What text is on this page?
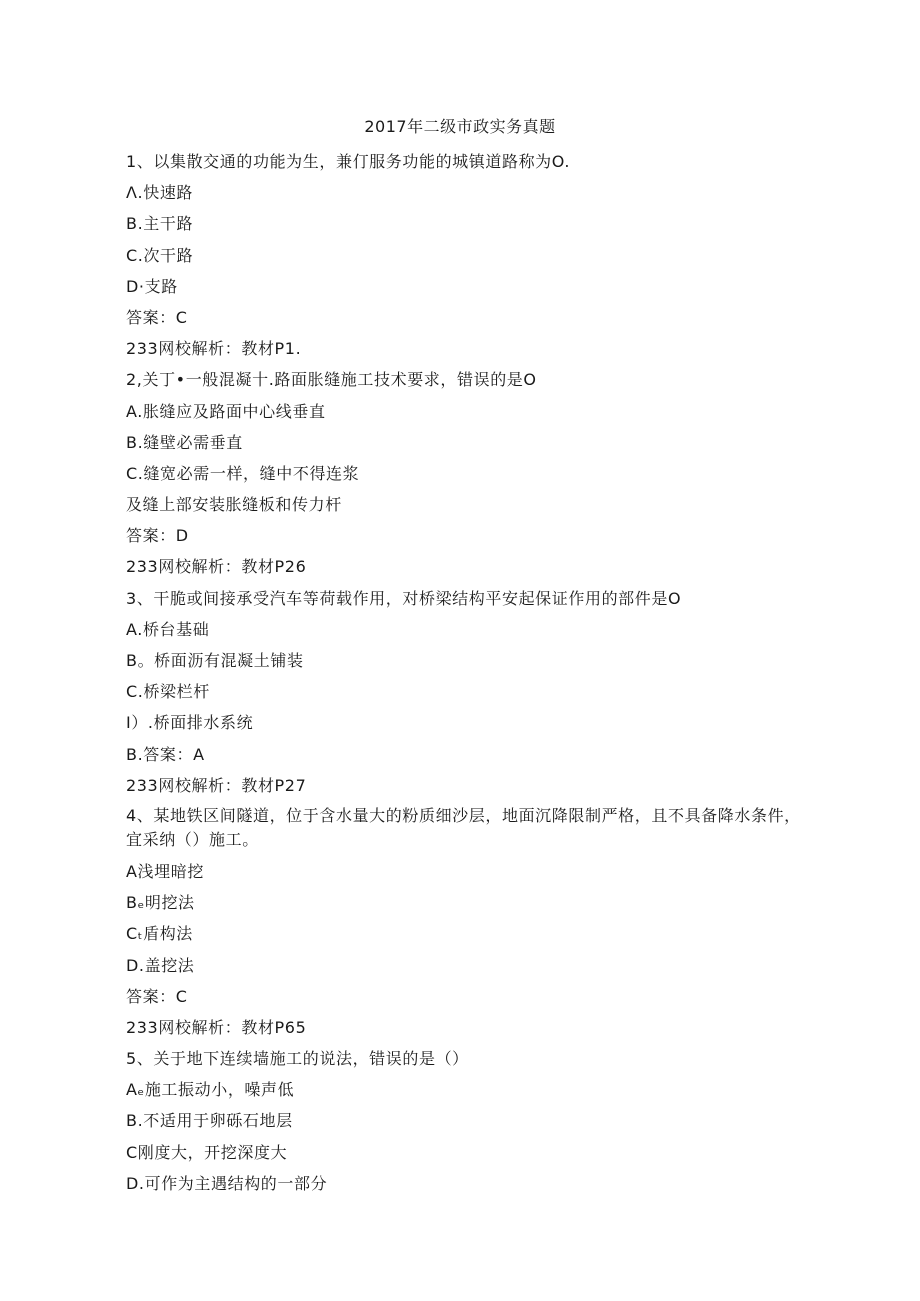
2017年二级市政实务真题
1、以集散交通的功能为生，兼仃服务功能的城镇道路称为O.
Λ.快速路
B.主干路
C.次干路
D·支路
答案：C
233网校解析：教材P1.
2,关丁•一般混凝十.路面胀缝施工技术要求，错误的是O
A.胀缝应及路面中心线垂直
B.缝壁必需垂直
C.缝宽必需一样，缝中不得连浆
及缝上部安装胀缝板和传力杆
答案：D
233网校解析：教材P26
3、干脆或间接承受汽车等荷载作用，对桥梁结构平安起保证作用的部件是O
A.桥台基础
B。桥面沥有混凝土铺装
C.桥梁栏杆
I）.桥面排水系统
B.答案：A
233网校解析：教材P27
4、某地铁区间隧道，位于含水量大的粉质细沙层，地面沉降限制严格，且不具备降水条件，宜采纳（）施工。
A浅埋暗挖
Bₑ明挖法
Cₜ盾构法
D.盖挖法
答案：C
233网校解析：教材P65
5、关于地下连续墙施工的说法，错误的是（）
Aₑ施工振动小，噪声低
B.不适用于卵砾石地层
C刚度大，开挖深度大
D.可作为主遇结构的一部分
